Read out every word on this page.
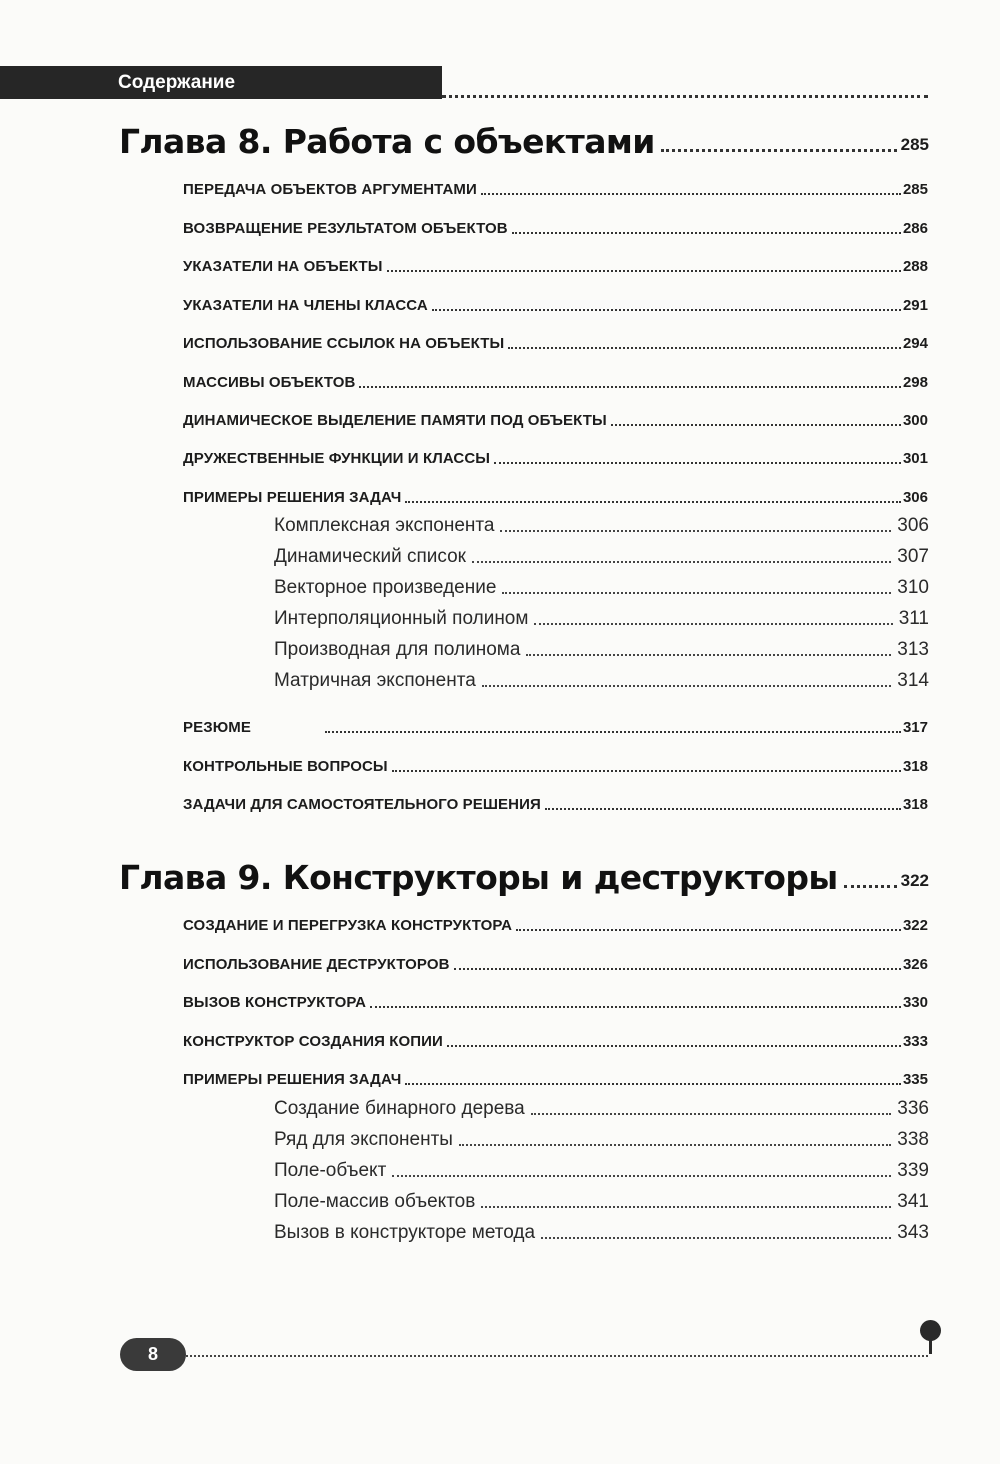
Содержание
Глава 8. Работа с объектами	285
ПЕРЕДАЧА ОБЪЕКТОВ АРГУМЕНТАМИ	285
ВОЗВРАЩЕНИЕ РЕЗУЛЬТАТОМ ОБЪЕКТОВ	286
УКАЗАТЕЛИ НА ОБЪЕКТЫ	288
УКАЗАТЕЛИ НА ЧЛЕНЫ КЛАССА	291
ИСПОЛЬЗОВАНИЕ ССЫЛОК НА ОБЪЕКТЫ	294
МАССИВЫ ОБЪЕКТОВ	298
ДИНАМИЧЕСКОЕ ВЫДЕЛЕНИЕ ПАМЯТИ ПОД ОБЪЕКТЫ	300
ДРУЖЕСТВЕННЫЕ ФУНКЦИИ И КЛАССЫ	301
ПРИМЕРЫ РЕШЕНИЯ ЗАДАЧ	306
Комплексная экспонента	306
Динамический список	307
Векторное произведение	310
Интерполяционный полином	311
Производная для полинома	313
Матричная экспонента	314
РЕЗЮМЕ	317
КОНТРОЛЬНЫЕ ВОПРОСЫ	318
ЗАДАЧИ ДЛЯ САМОСТОЯТЕЛЬНОГО РЕШЕНИЯ	318
Глава 9. Конструкторы и деструкторы	322
СОЗДАНИЕ И ПЕРЕГРУЗКА КОНСТРУКТОРА	322
ИСПОЛЬЗОВАНИЕ ДЕСТРУКТОРОВ	326
ВЫЗОВ КОНСТРУКТОРА	330
КОНСТРУКТОР СОЗДАНИЯ КОПИИ	333
ПРИМЕРЫ РЕШЕНИЯ ЗАДАЧ	335
Создание бинарного дерева	336
Ряд для экспоненты	338
Поле-объект	339
Поле-массив объектов	341
Вызов в конструкторе метода	343
8
